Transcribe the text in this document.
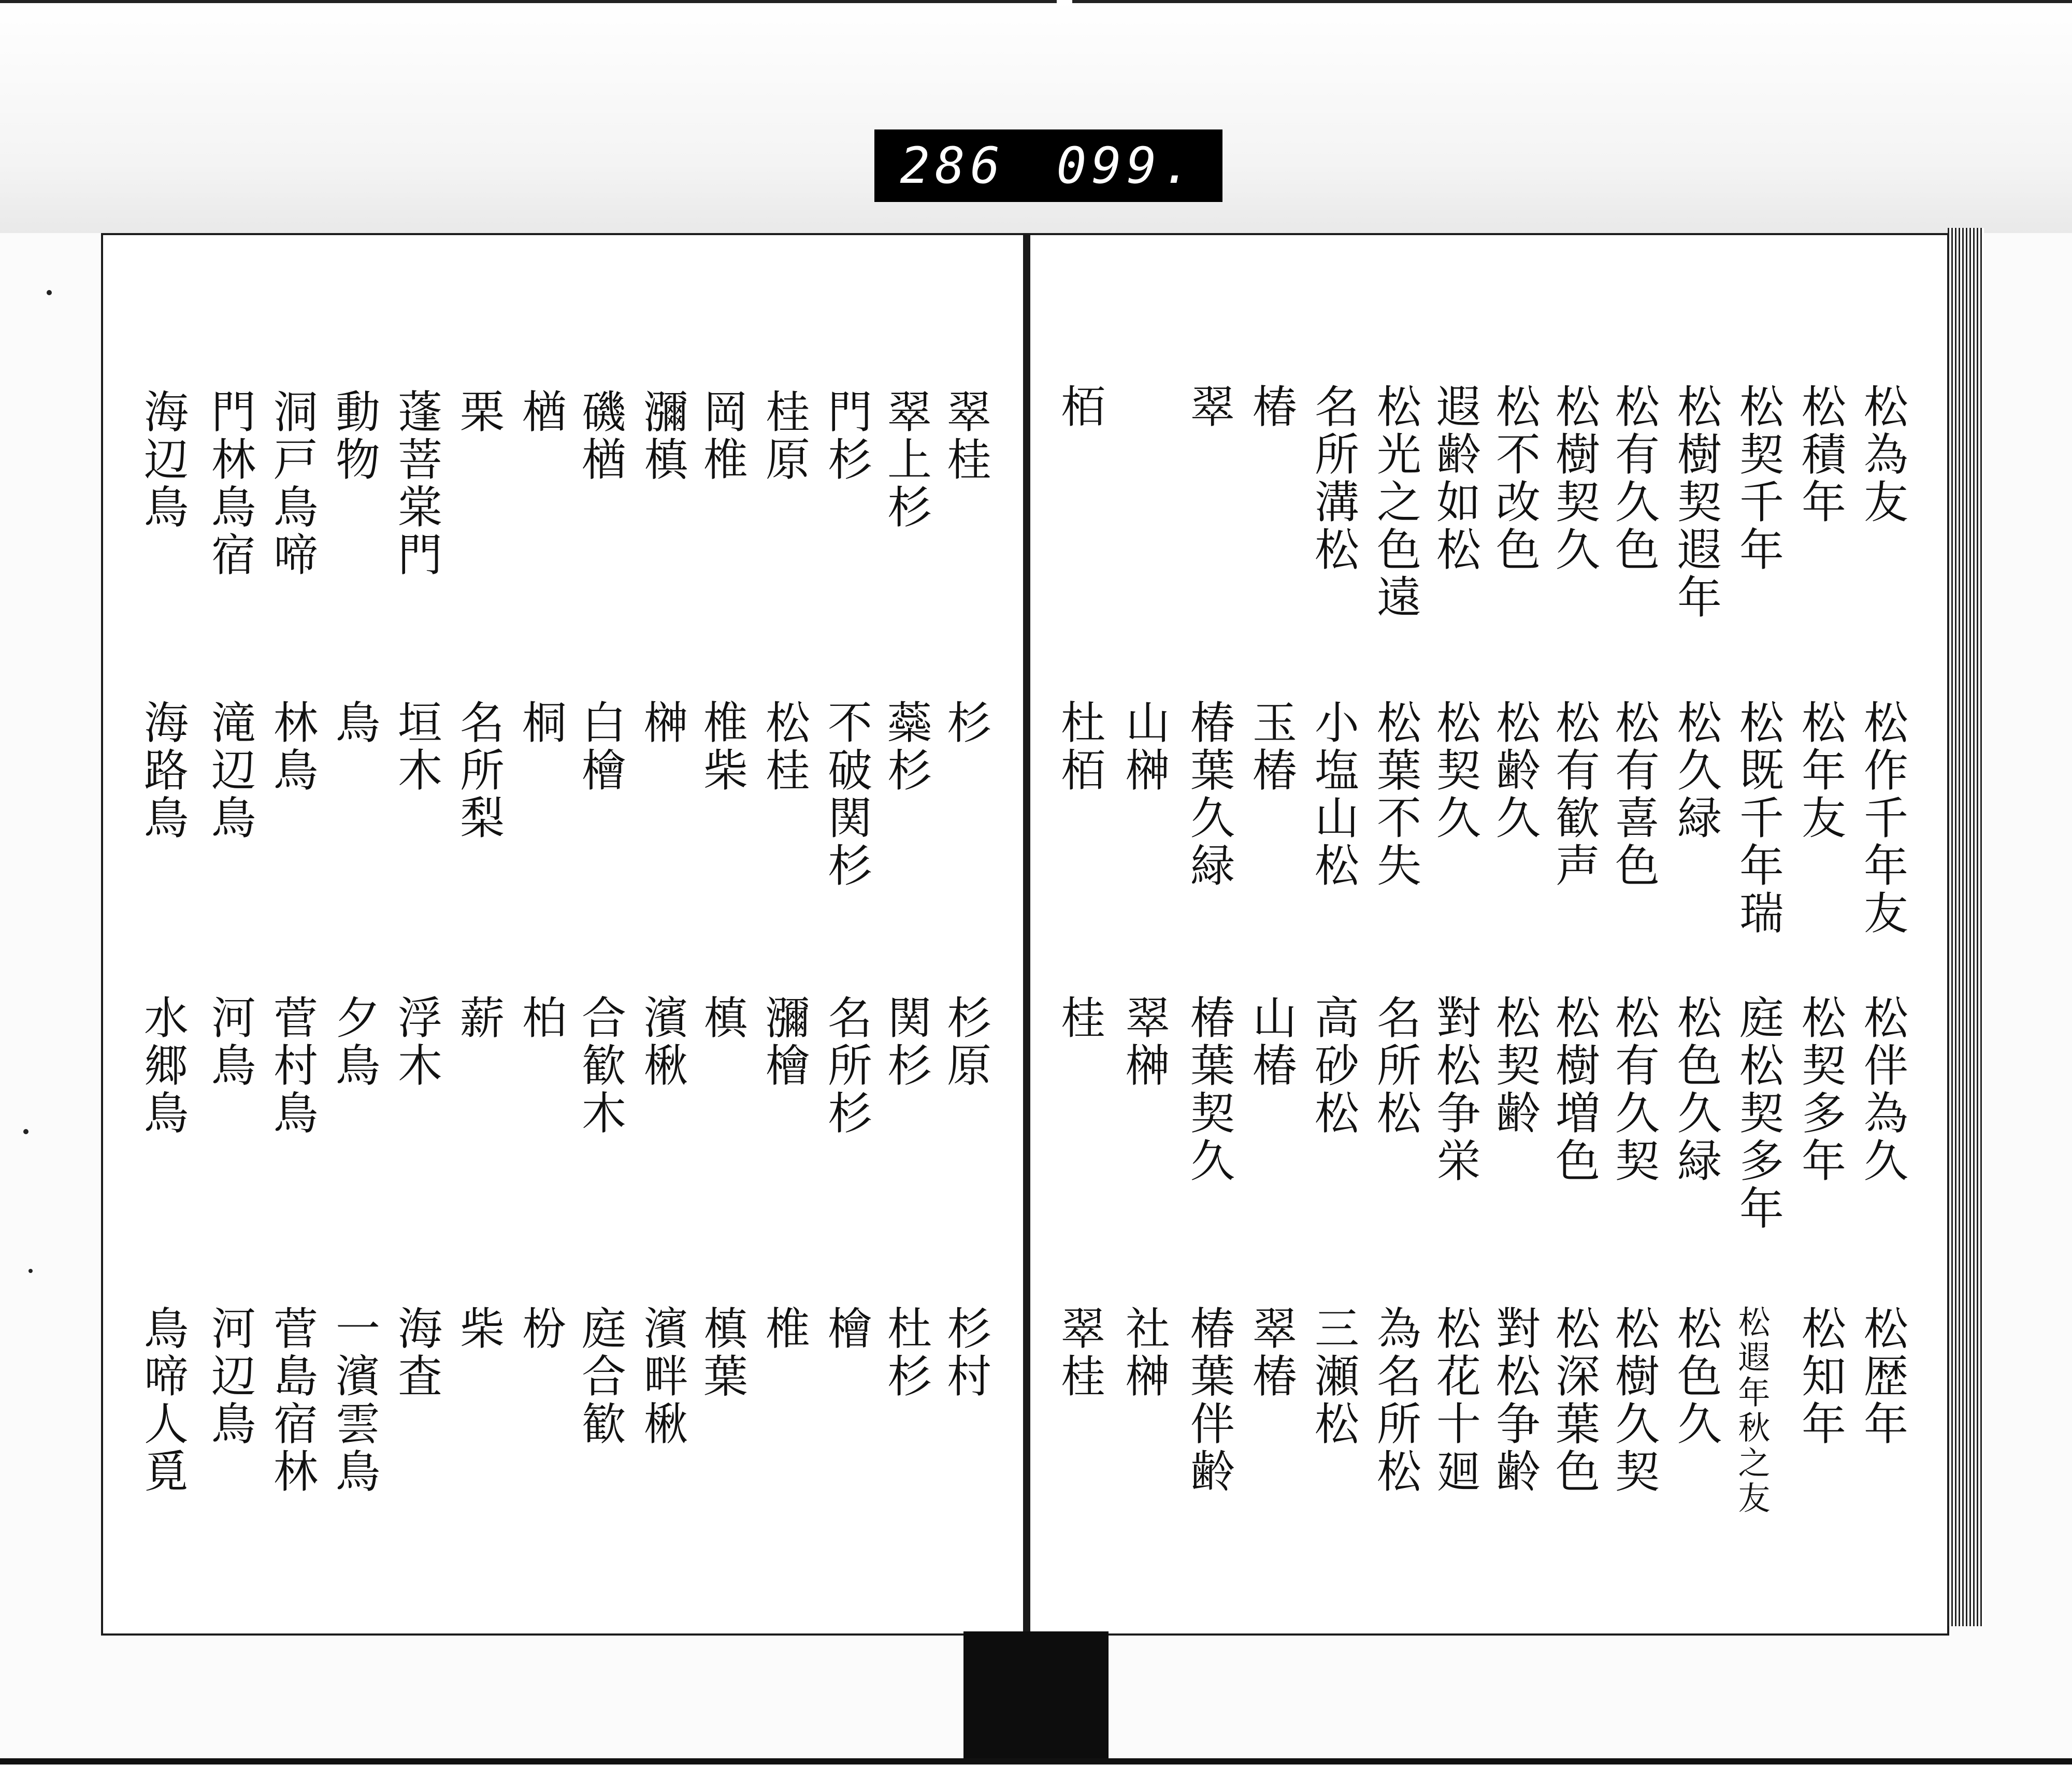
286 099.
松為友
松積年
松契千年
松樹契遐年
松有久色
松樹契久
松不改色
遐齢如松
松光之色遠
名所溝松
椿
翠
栢
松作千年友
松年友
松既千年瑞
松久緑
松有喜色
松有歓声
松齢久
松契久
松葉不失
小塩山松
玉椿
椿葉久緑
山榊
杜栢
松伴為久
松契多年
庭松契多年
松色久緑
松有久契
松樹増色
松契齢
對松争栄
名所松
高砂松
山椿
椿葉契久
翠榊
桂
松歴年
松知年
松遐年秋之友
松色久
松樹久契
松深葉色
對松争齢
松花十廻
為名所松
三瀬松
翠椿
椿葉伴齢
社榊
翠桂
翠桂
翠上杉
門杉
桂原
岡椎
瀰槙
磯楢
楢
栗
蓬菩棠門
動物
洞戸鳥啼
門林鳥宿
海辺鳥
杉
蘂杉
不破関杉
松桂
椎柴
榊
白檜
桐
名所梨
垣木
鳥
林鳥
滝辺鳥
海路鳥
杉原
関杉
名所杉
瀰檜
槙
濱楸
合歓木
柏
薪
浮木
夕鳥
菅村鳥
河鳥
水郷鳥
杉村
杜杉
檜
椎
槙葉
濱畔楸
庭合歓
枌
柴
海査
一濱雲鳥
菅島宿林
河辺鳥
鳥啼人覓
